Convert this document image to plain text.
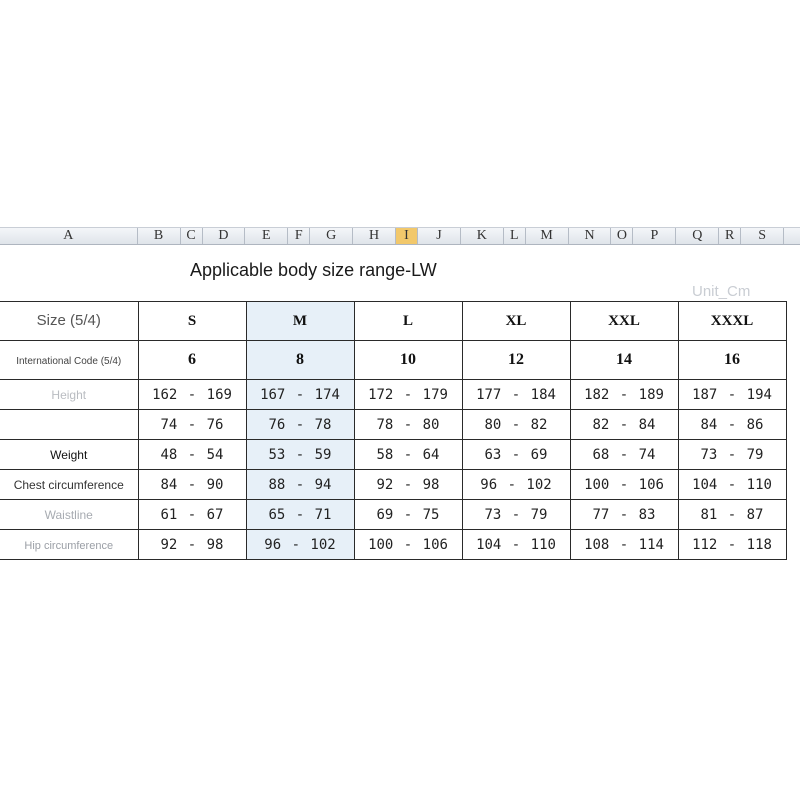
A	B	C	D	E	F	G	H	I	J	K	L	M	N	O	P	Q	R	S
Applicable body size range-LW
Unit_Cm
Size (5/4)	S	M	L	XL	XXL	XXXL
International Code (5/4)	6	8	10	12	14	16
Height	162 - 169	167 - 174	172 - 179	177 - 184	182 - 189	187 - 194
	74 - 76	76 - 78	78 - 80	80 - 82	82 - 84	84 - 86
Weight	48 - 54	53 - 59	58 - 64	63 - 69	68 - 74	73 - 79
Chest circumference	84 - 90	88 - 94	92 - 98	96 - 102	100 - 106	104 - 110
Waistline	61 - 67	65 - 71	69 - 75	73 - 79	77 - 83	81 - 87
Hip circumference	92 - 98	96 - 102	100 - 106	104 - 110	108 - 114	112 - 118
